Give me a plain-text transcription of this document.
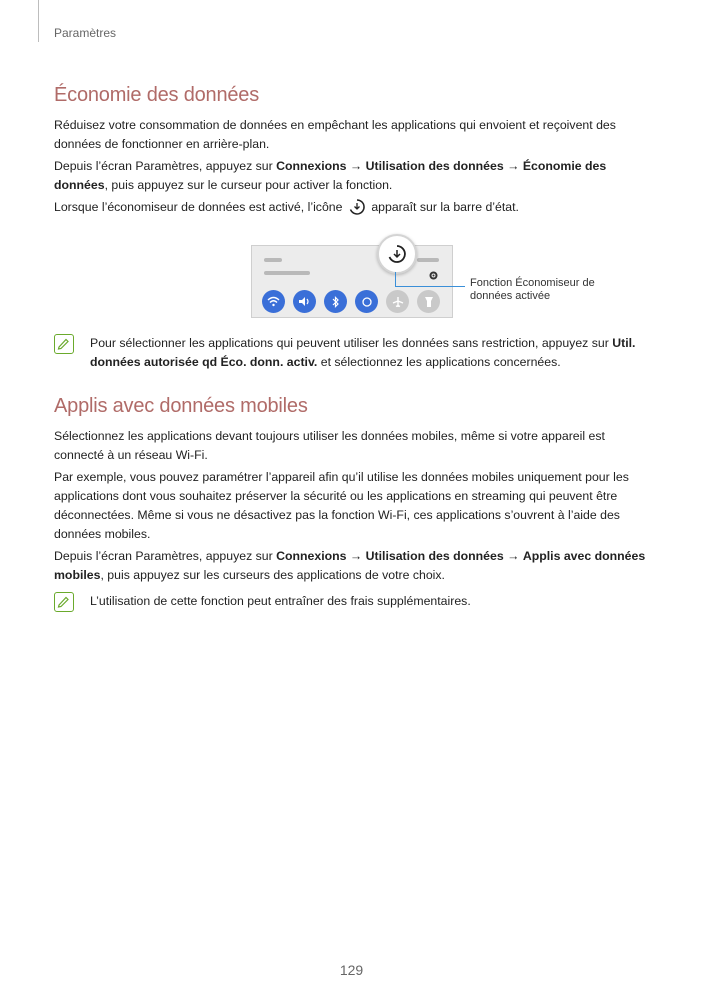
Paramètres
Économie des données
Réduisez votre consommation de données en empêchant les applications qui envoient et reçoivent des données de fonctionner en arrière-plan.
Depuis l’écran Paramètres, appuyez sur Connexions → Utilisation des données → Économie des données, puis appuyez sur le curseur pour activer la fonction.
Lorsque l’économiseur de données est activé, l’icône apparaît sur la barre d’état.
Fonction Économiseur de données activée
Pour sélectionner les applications qui peuvent utiliser les données sans restriction, appuyez sur Util. données autorisée qd Éco. donn. activ. et sélectionnez les applications concernées.
Applis avec données mobiles
Sélectionnez les applications devant toujours utiliser les données mobiles, même si votre appareil est connecté à un réseau Wi-Fi.
Par exemple, vous pouvez paramétrer l’appareil afin qu’il utilise les données mobiles uniquement pour les applications dont vous souhaitez préserver la sécurité ou les applications en streaming qui peuvent être déconnectées. Même si vous ne désactivez pas la fonction Wi-Fi, ces applications s’ouvrent à l’aide des données mobiles.
Depuis l’écran Paramètres, appuyez sur Connexions → Utilisation des données → Applis avec données mobiles, puis appuyez sur les curseurs des applications de votre choix.
L’utilisation de cette fonction peut entraîner des frais supplémentaires.
129
